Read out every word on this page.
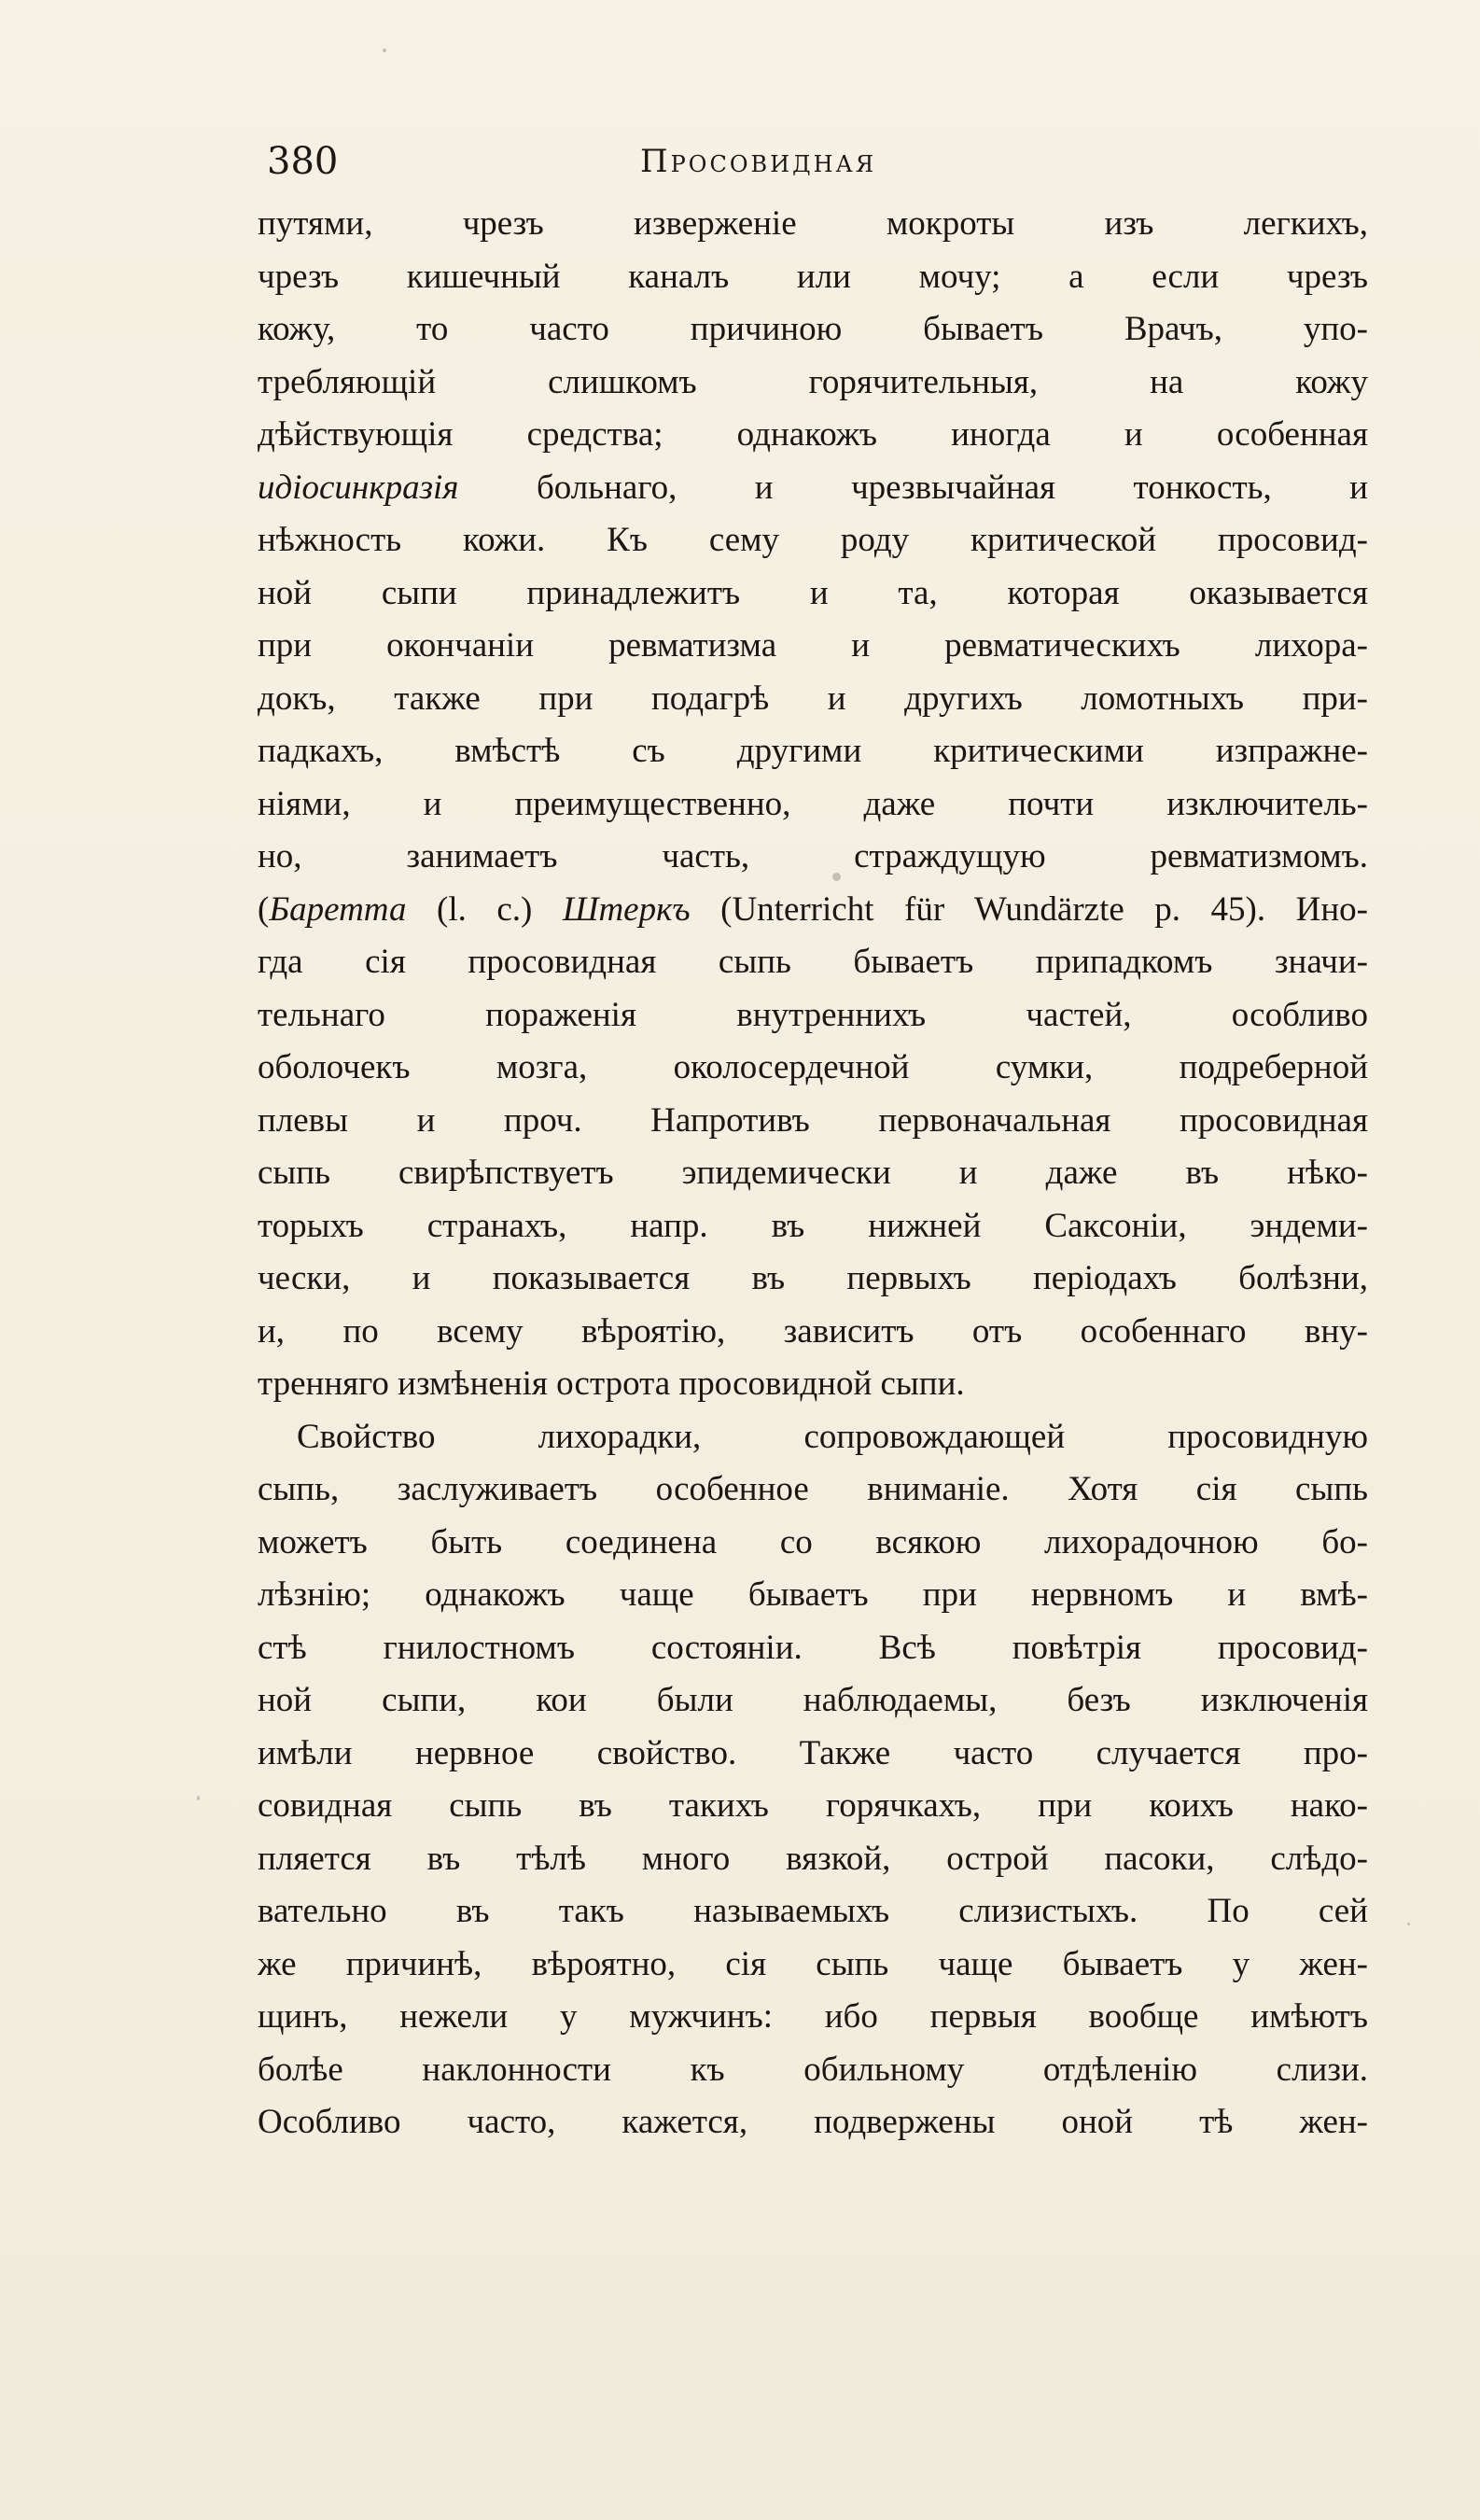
380	Просовидная
путями, чрезъ изверженіе мокроты изъ легкихъ,
чрезъ кишечный каналъ или мочу; а если чрезъ
кожу, то часто причиною бываетъ Врачъ, упо-
требляющій слишкомъ горячительныя, на кожу
дѣйствующія средства; однакожъ иногда и особенная
идіосинкразія больнаго, и чрезвычайная тонкость, и
нѣжность кожи. Къ сему роду критической просовид-
ной сыпи принадлежитъ и та, которая оказывается
при окончаніи ревматизма и ревматическихъ лихора-
докъ, также при подагрѣ и другихъ ломотныхъ при-
падкахъ, вмѣстѣ съ другими критическими изпражне-
ніями, и преимущественно, даже почти изключитель-
но, занимаетъ часть, страждущую ревматизмомъ.
(Баретта (l. c.) Штеркъ (Unterricht für Wundärzte p. 45). Ино-
гда сія просовидная сыпь бываетъ припадкомъ значи-
тельнаго пораженія внутреннихъ частей, особливо
оболочекъ мозга, околосердечной сумки, подреберной
плевы и проч. Напротивъ первоначальная просовидная
сыпь свирѣпствуетъ эпидемически и даже въ нѣко-
торыхъ странахъ, напр. въ нижней Саксоніи, эндеми-
чески, и показывается въ первыхъ періодахъ болѣзни,
и, по всему вѣроятію, зависитъ отъ особеннаго вну-
тренняго измѣненія острота просовидной сыпи.
Свойство лихорадки, сопровождающей просовидную
сыпь, заслуживаетъ особенное вниманіе. Хотя сія сыпь
можетъ быть соединена со всякою лихорадочною бо-
лѣзнію; однакожъ чаще бываетъ при нервномъ и вмѣ-
стѣ гнилостномъ состояніи. Всѣ повѣтрія просовид-
ной сыпи, кои были наблюдаемы, безъ изключенія
имѣли нервное свойство. Также часто случается про-
совидная сыпь въ такихъ горячкахъ, при коихъ нако-
пляется въ тѣлѣ много вязкой, острой пасоки, слѣдо-
вательно въ такъ называемыхъ слизистыхъ. По сей
же причинѣ, вѣроятно, сія сыпь чаще бываетъ у жен-
щинъ, нежели у мужчинъ: ибо первыя вообще имѣютъ
болѣе наклонности къ обильному отдѣленію слизи.
Особливо часто, кажется, подвержены оной тѣ жен-
